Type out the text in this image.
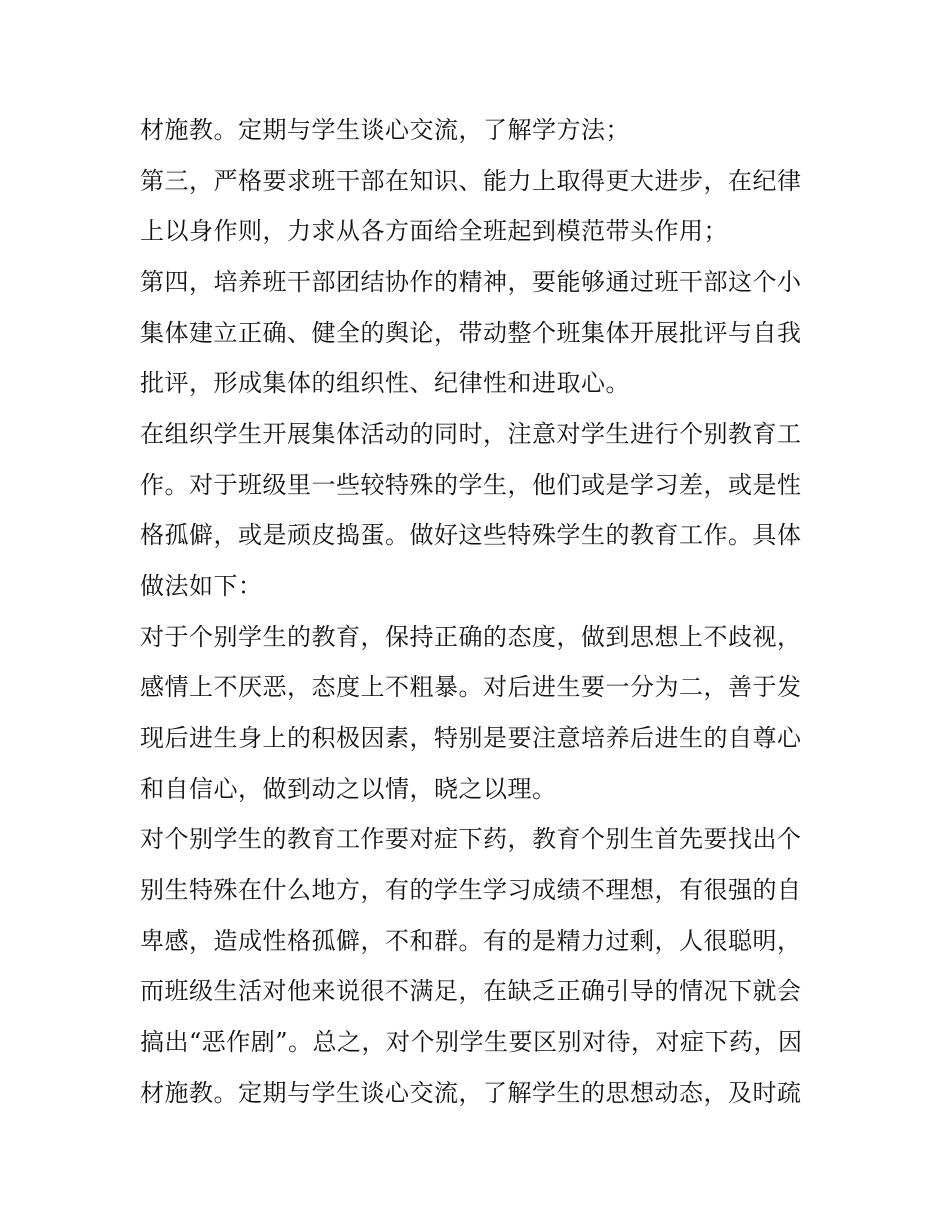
材施教。定期与学生谈心交流，了解学方法；
第三，严格要求班干部在知识、能力上取得更大进步，在纪律
上以身作则，力求从各方面给全班起到模范带头作用；
第四，培养班干部团结协作的精神，要能够通过班干部这个小
集体建立正确、健全的舆论，带动整个班集体开展批评与自我
批评，形成集体的组织性、纪律性和进取心。
在组织学生开展集体活动的同时，注意对学生进行个别教育工
作。对于班级里一些较特殊的学生，他们或是学习差，或是性
格孤僻，或是顽皮捣蛋。做好这些特殊学生的教育工作。具体
做法如下：
对于个别学生的教育，保持正确的态度，做到思想上不歧视，
感情上不厌恶，态度上不粗暴。对后进生要一分为二，善于发
现后进生身上的积极因素，特别是要注意培养后进生的自尊心
和自信心，做到动之以情，晓之以理。
对个别学生的教育工作要对症下药，教育个别生首先要找出个
别生特殊在什么地方，有的学生学习成绩不理想，有很强的自
卑感，造成性格孤僻，不和群。有的是精力过剩，人很聪明，
而班级生活对他来说很不满足，在缺乏正确引导的情况下就会
搞出“恶作剧”。总之，对个别学生要区别对待，对症下药，因
材施教。定期与学生谈心交流，了解学生的思想动态，及时疏
